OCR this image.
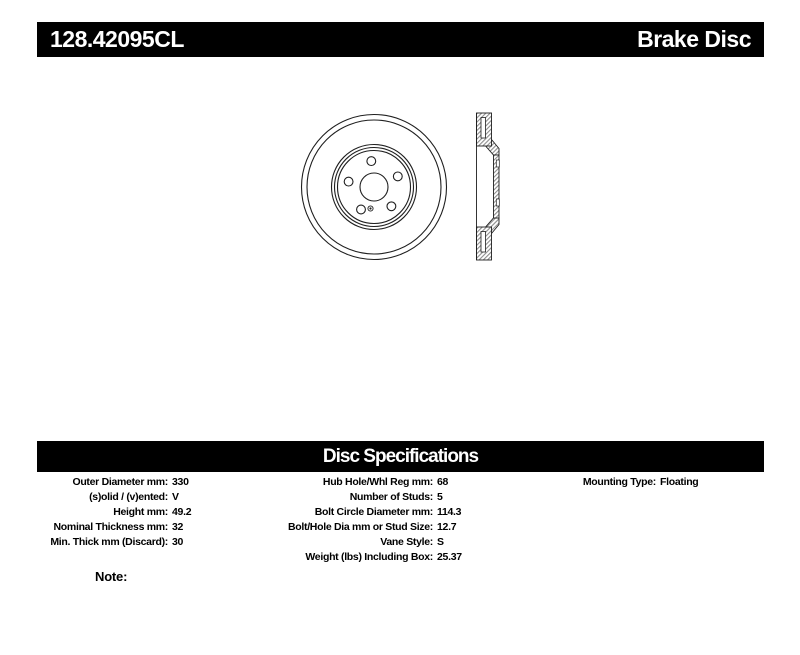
128.42095CL	Brake Disc
Disc Specifications
Outer Diameter mm: 330
(s)olid / (v)ented: V
Height mm: 49.2
Nominal Thickness mm: 32
Min. Thick mm (Discard): 30
Hub Hole/Whl Reg mm: 68
Number of Studs: 5
Bolt Circle Diameter mm: 114.3
Bolt/Hole Dia mm or Stud Size: 12.7
Vane Style: S
Weight (lbs) Including Box: 25.37
Mounting Type: Floating
Note:
